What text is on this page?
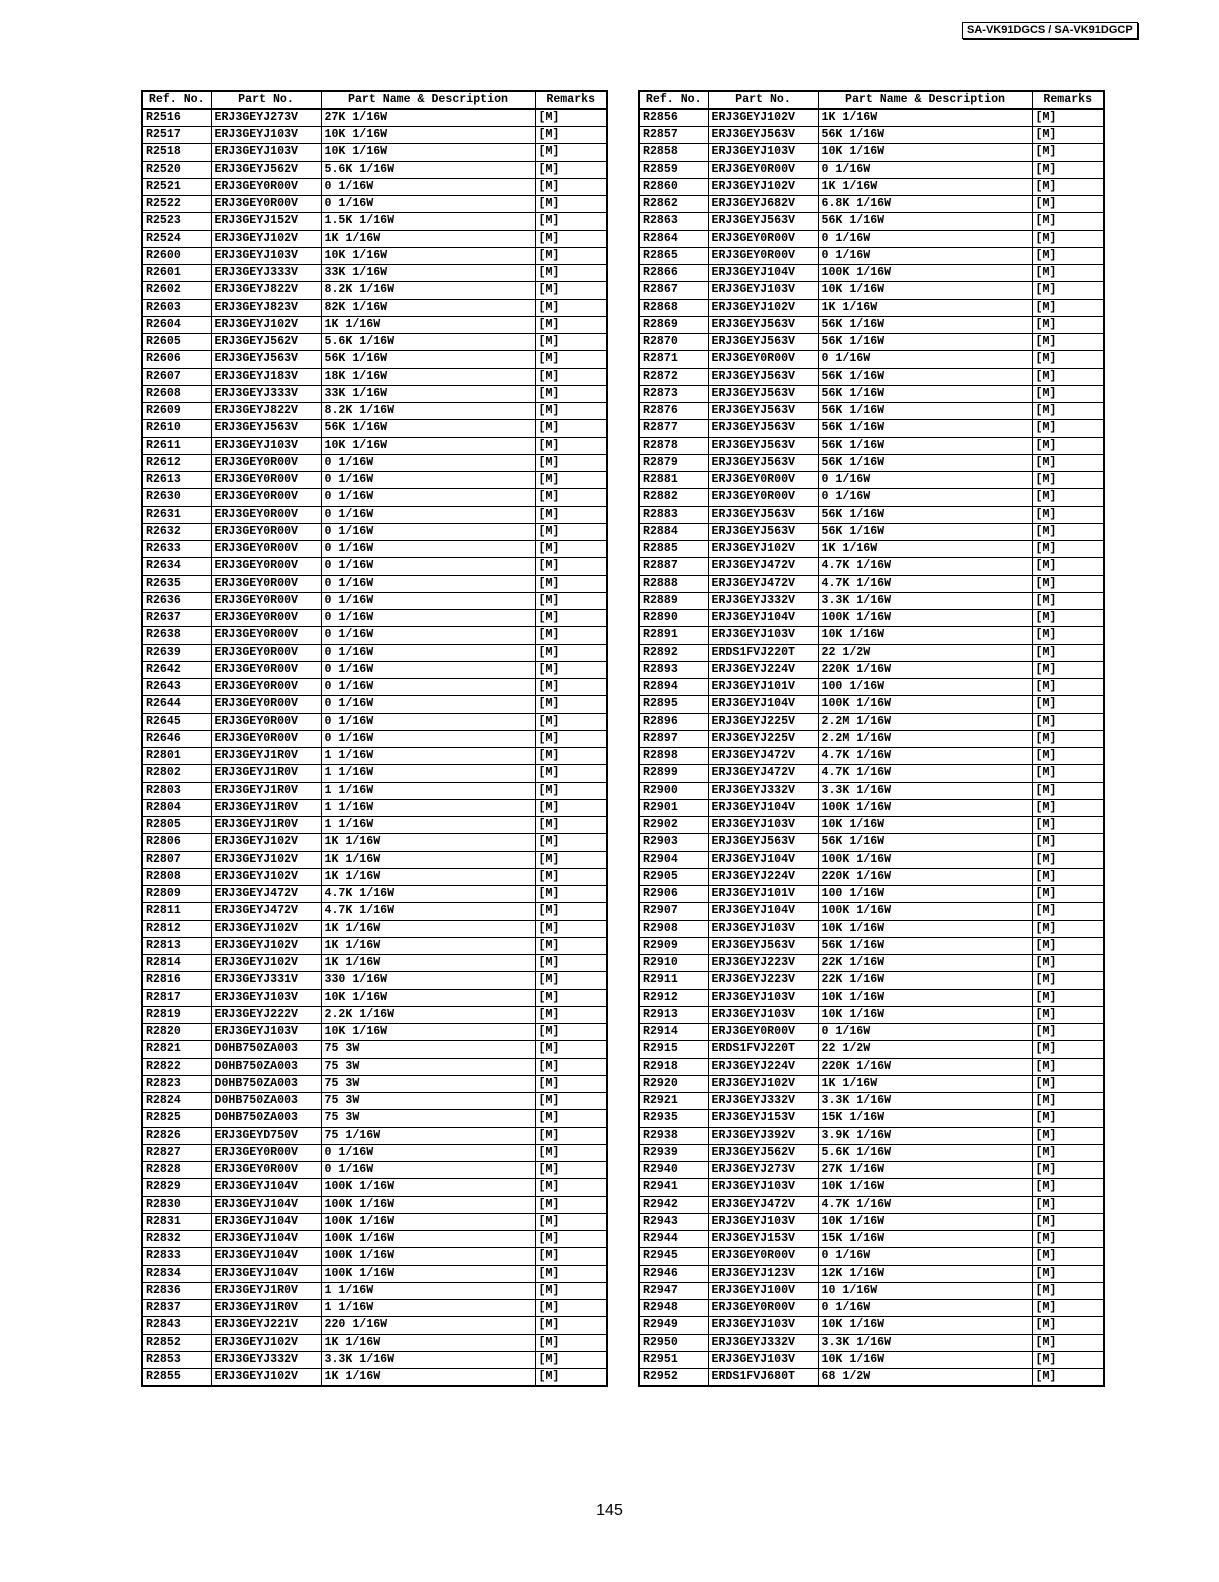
SA-VK91DGCS / SA-VK91DGCP
Ref. No.	Part No.	Part Name & Description	Remarks
R2516	ERJ3GEYJ273V	27K 1/16W	[M]
R2517	ERJ3GEYJ103V	10K 1/16W	[M]
R2518	ERJ3GEYJ103V	10K 1/16W	[M]
R2520	ERJ3GEYJ562V	5.6K 1/16W	[M]
R2521	ERJ3GEY0R00V	0 1/16W	[M]
R2522	ERJ3GEY0R00V	0 1/16W	[M]
R2523	ERJ3GEYJ152V	1.5K 1/16W	[M]
R2524	ERJ3GEYJ102V	1K 1/16W	[M]
R2600	ERJ3GEYJ103V	10K 1/16W	[M]
R2601	ERJ3GEYJ333V	33K 1/16W	[M]
R2602	ERJ3GEYJ822V	8.2K 1/16W	[M]
R2603	ERJ3GEYJ823V	82K 1/16W	[M]
R2604	ERJ3GEYJ102V	1K 1/16W	[M]
R2605	ERJ3GEYJ562V	5.6K 1/16W	[M]
R2606	ERJ3GEYJ563V	56K 1/16W	[M]
R2607	ERJ3GEYJ183V	18K 1/16W	[M]
R2608	ERJ3GEYJ333V	33K 1/16W	[M]
R2609	ERJ3GEYJ822V	8.2K 1/16W	[M]
R2610	ERJ3GEYJ563V	56K 1/16W	[M]
R2611	ERJ3GEYJ103V	10K 1/16W	[M]
R2612	ERJ3GEY0R00V	0 1/16W	[M]
R2613	ERJ3GEY0R00V	0 1/16W	[M]
R2630	ERJ3GEY0R00V	0 1/16W	[M]
R2631	ERJ3GEY0R00V	0 1/16W	[M]
R2632	ERJ3GEY0R00V	0 1/16W	[M]
R2633	ERJ3GEY0R00V	0 1/16W	[M]
R2634	ERJ3GEY0R00V	0 1/16W	[M]
R2635	ERJ3GEY0R00V	0 1/16W	[M]
R2636	ERJ3GEY0R00V	0 1/16W	[M]
R2637	ERJ3GEY0R00V	0 1/16W	[M]
R2638	ERJ3GEY0R00V	0 1/16W	[M]
R2639	ERJ3GEY0R00V	0 1/16W	[M]
R2642	ERJ3GEY0R00V	0 1/16W	[M]
R2643	ERJ3GEY0R00V	0 1/16W	[M]
R2644	ERJ3GEY0R00V	0 1/16W	[M]
R2645	ERJ3GEY0R00V	0 1/16W	[M]
R2646	ERJ3GEY0R00V	0 1/16W	[M]
R2801	ERJ3GEYJ1R0V	1 1/16W	[M]
R2802	ERJ3GEYJ1R0V	1 1/16W	[M]
R2803	ERJ3GEYJ1R0V	1 1/16W	[M]
R2804	ERJ3GEYJ1R0V	1 1/16W	[M]
R2805	ERJ3GEYJ1R0V	1 1/16W	[M]
R2806	ERJ3GEYJ102V	1K 1/16W	[M]
R2807	ERJ3GEYJ102V	1K 1/16W	[M]
R2808	ERJ3GEYJ102V	1K 1/16W	[M]
R2809	ERJ3GEYJ472V	4.7K 1/16W	[M]
R2811	ERJ3GEYJ472V	4.7K 1/16W	[M]
R2812	ERJ3GEYJ102V	1K 1/16W	[M]
R2813	ERJ3GEYJ102V	1K 1/16W	[M]
R2814	ERJ3GEYJ102V	1K 1/16W	[M]
R2816	ERJ3GEYJ331V	330 1/16W	[M]
R2817	ERJ3GEYJ103V	10K 1/16W	[M]
R2819	ERJ3GEYJ222V	2.2K 1/16W	[M]
R2820	ERJ3GEYJ103V	10K 1/16W	[M]
R2821	D0HB750ZA003	75 3W	[M]
R2822	D0HB750ZA003	75 3W	[M]
R2823	D0HB750ZA003	75 3W	[M]
R2824	D0HB750ZA003	75 3W	[M]
R2825	D0HB750ZA003	75 3W	[M]
R2826	ERJ3GEYD750V	75 1/16W	[M]
R2827	ERJ3GEY0R00V	0 1/16W	[M]
R2828	ERJ3GEY0R00V	0 1/16W	[M]
R2829	ERJ3GEYJ104V	100K 1/16W	[M]
R2830	ERJ3GEYJ104V	100K 1/16W	[M]
R2831	ERJ3GEYJ104V	100K 1/16W	[M]
R2832	ERJ3GEYJ104V	100K 1/16W	[M]
R2833	ERJ3GEYJ104V	100K 1/16W	[M]
R2834	ERJ3GEYJ104V	100K 1/16W	[M]
R2836	ERJ3GEYJ1R0V	1 1/16W	[M]
R2837	ERJ3GEYJ1R0V	1 1/16W	[M]
R2843	ERJ3GEYJ221V	220 1/16W	[M]
R2852	ERJ3GEYJ102V	1K 1/16W	[M]
R2853	ERJ3GEYJ332V	3.3K 1/16W	[M]
R2855	ERJ3GEYJ102V	1K 1/16W	[M]
Ref. No.	Part No.	Part Name & Description	Remarks
R2856	ERJ3GEYJ102V	1K 1/16W	[M]
R2857	ERJ3GEYJ563V	56K 1/16W	[M]
R2858	ERJ3GEYJ103V	10K 1/16W	[M]
R2859	ERJ3GEY0R00V	0 1/16W	[M]
R2860	ERJ3GEYJ102V	1K 1/16W	[M]
R2862	ERJ3GEYJ682V	6.8K 1/16W	[M]
R2863	ERJ3GEYJ563V	56K 1/16W	[M]
R2864	ERJ3GEY0R00V	0 1/16W	[M]
R2865	ERJ3GEY0R00V	0 1/16W	[M]
R2866	ERJ3GEYJ104V	100K 1/16W	[M]
R2867	ERJ3GEYJ103V	10K 1/16W	[M]
R2868	ERJ3GEYJ102V	1K 1/16W	[M]
R2869	ERJ3GEYJ563V	56K 1/16W	[M]
R2870	ERJ3GEYJ563V	56K 1/16W	[M]
R2871	ERJ3GEY0R00V	0 1/16W	[M]
R2872	ERJ3GEYJ563V	56K 1/16W	[M]
R2873	ERJ3GEYJ563V	56K 1/16W	[M]
R2876	ERJ3GEYJ563V	56K 1/16W	[M]
R2877	ERJ3GEYJ563V	56K 1/16W	[M]
R2878	ERJ3GEYJ563V	56K 1/16W	[M]
R2879	ERJ3GEYJ563V	56K 1/16W	[M]
R2881	ERJ3GEY0R00V	0 1/16W	[M]
R2882	ERJ3GEY0R00V	0 1/16W	[M]
R2883	ERJ3GEYJ563V	56K 1/16W	[M]
R2884	ERJ3GEYJ563V	56K 1/16W	[M]
R2885	ERJ3GEYJ102V	1K 1/16W	[M]
R2887	ERJ3GEYJ472V	4.7K 1/16W	[M]
R2888	ERJ3GEYJ472V	4.7K 1/16W	[M]
R2889	ERJ3GEYJ332V	3.3K 1/16W	[M]
R2890	ERJ3GEYJ104V	100K 1/16W	[M]
R2891	ERJ3GEYJ103V	10K 1/16W	[M]
R2892	ERDS1FVJ220T	22 1/2W	[M]
R2893	ERJ3GEYJ224V	220K 1/16W	[M]
R2894	ERJ3GEYJ101V	100 1/16W	[M]
R2895	ERJ3GEYJ104V	100K 1/16W	[M]
R2896	ERJ3GEYJ225V	2.2M 1/16W	[M]
R2897	ERJ3GEYJ225V	2.2M 1/16W	[M]
R2898	ERJ3GEYJ472V	4.7K 1/16W	[M]
R2899	ERJ3GEYJ472V	4.7K 1/16W	[M]
R2900	ERJ3GEYJ332V	3.3K 1/16W	[M]
R2901	ERJ3GEYJ104V	100K 1/16W	[M]
R2902	ERJ3GEYJ103V	10K 1/16W	[M]
R2903	ERJ3GEYJ563V	56K 1/16W	[M]
R2904	ERJ3GEYJ104V	100K 1/16W	[M]
R2905	ERJ3GEYJ224V	220K 1/16W	[M]
R2906	ERJ3GEYJ101V	100 1/16W	[M]
R2907	ERJ3GEYJ104V	100K 1/16W	[M]
R2908	ERJ3GEYJ103V	10K 1/16W	[M]
R2909	ERJ3GEYJ563V	56K 1/16W	[M]
R2910	ERJ3GEYJ223V	22K 1/16W	[M]
R2911	ERJ3GEYJ223V	22K 1/16W	[M]
R2912	ERJ3GEYJ103V	10K 1/16W	[M]
R2913	ERJ3GEYJ103V	10K 1/16W	[M]
R2914	ERJ3GEY0R00V	0 1/16W	[M]
R2915	ERDS1FVJ220T	22 1/2W	[M]
R2918	ERJ3GEYJ224V	220K 1/16W	[M]
R2920	ERJ3GEYJ102V	1K 1/16W	[M]
R2921	ERJ3GEYJ332V	3.3K 1/16W	[M]
R2935	ERJ3GEYJ153V	15K 1/16W	[M]
R2938	ERJ3GEYJ392V	3.9K 1/16W	[M]
R2939	ERJ3GEYJ562V	5.6K 1/16W	[M]
R2940	ERJ3GEYJ273V	27K 1/16W	[M]
R2941	ERJ3GEYJ103V	10K 1/16W	[M]
R2942	ERJ3GEYJ472V	4.7K 1/16W	[M]
R2943	ERJ3GEYJ103V	10K 1/16W	[M]
R2944	ERJ3GEYJ153V	15K 1/16W	[M]
R2945	ERJ3GEY0R00V	0 1/16W	[M]
R2946	ERJ3GEYJ123V	12K 1/16W	[M]
R2947	ERJ3GEYJ100V	10 1/16W	[M]
R2948	ERJ3GEY0R00V	0 1/16W	[M]
R2949	ERJ3GEYJ103V	10K 1/16W	[M]
R2950	ERJ3GEYJ332V	3.3K 1/16W	[M]
R2951	ERJ3GEYJ103V	10K 1/16W	[M]
R2952	ERDS1FVJ680T	68 1/2W	[M]
145
